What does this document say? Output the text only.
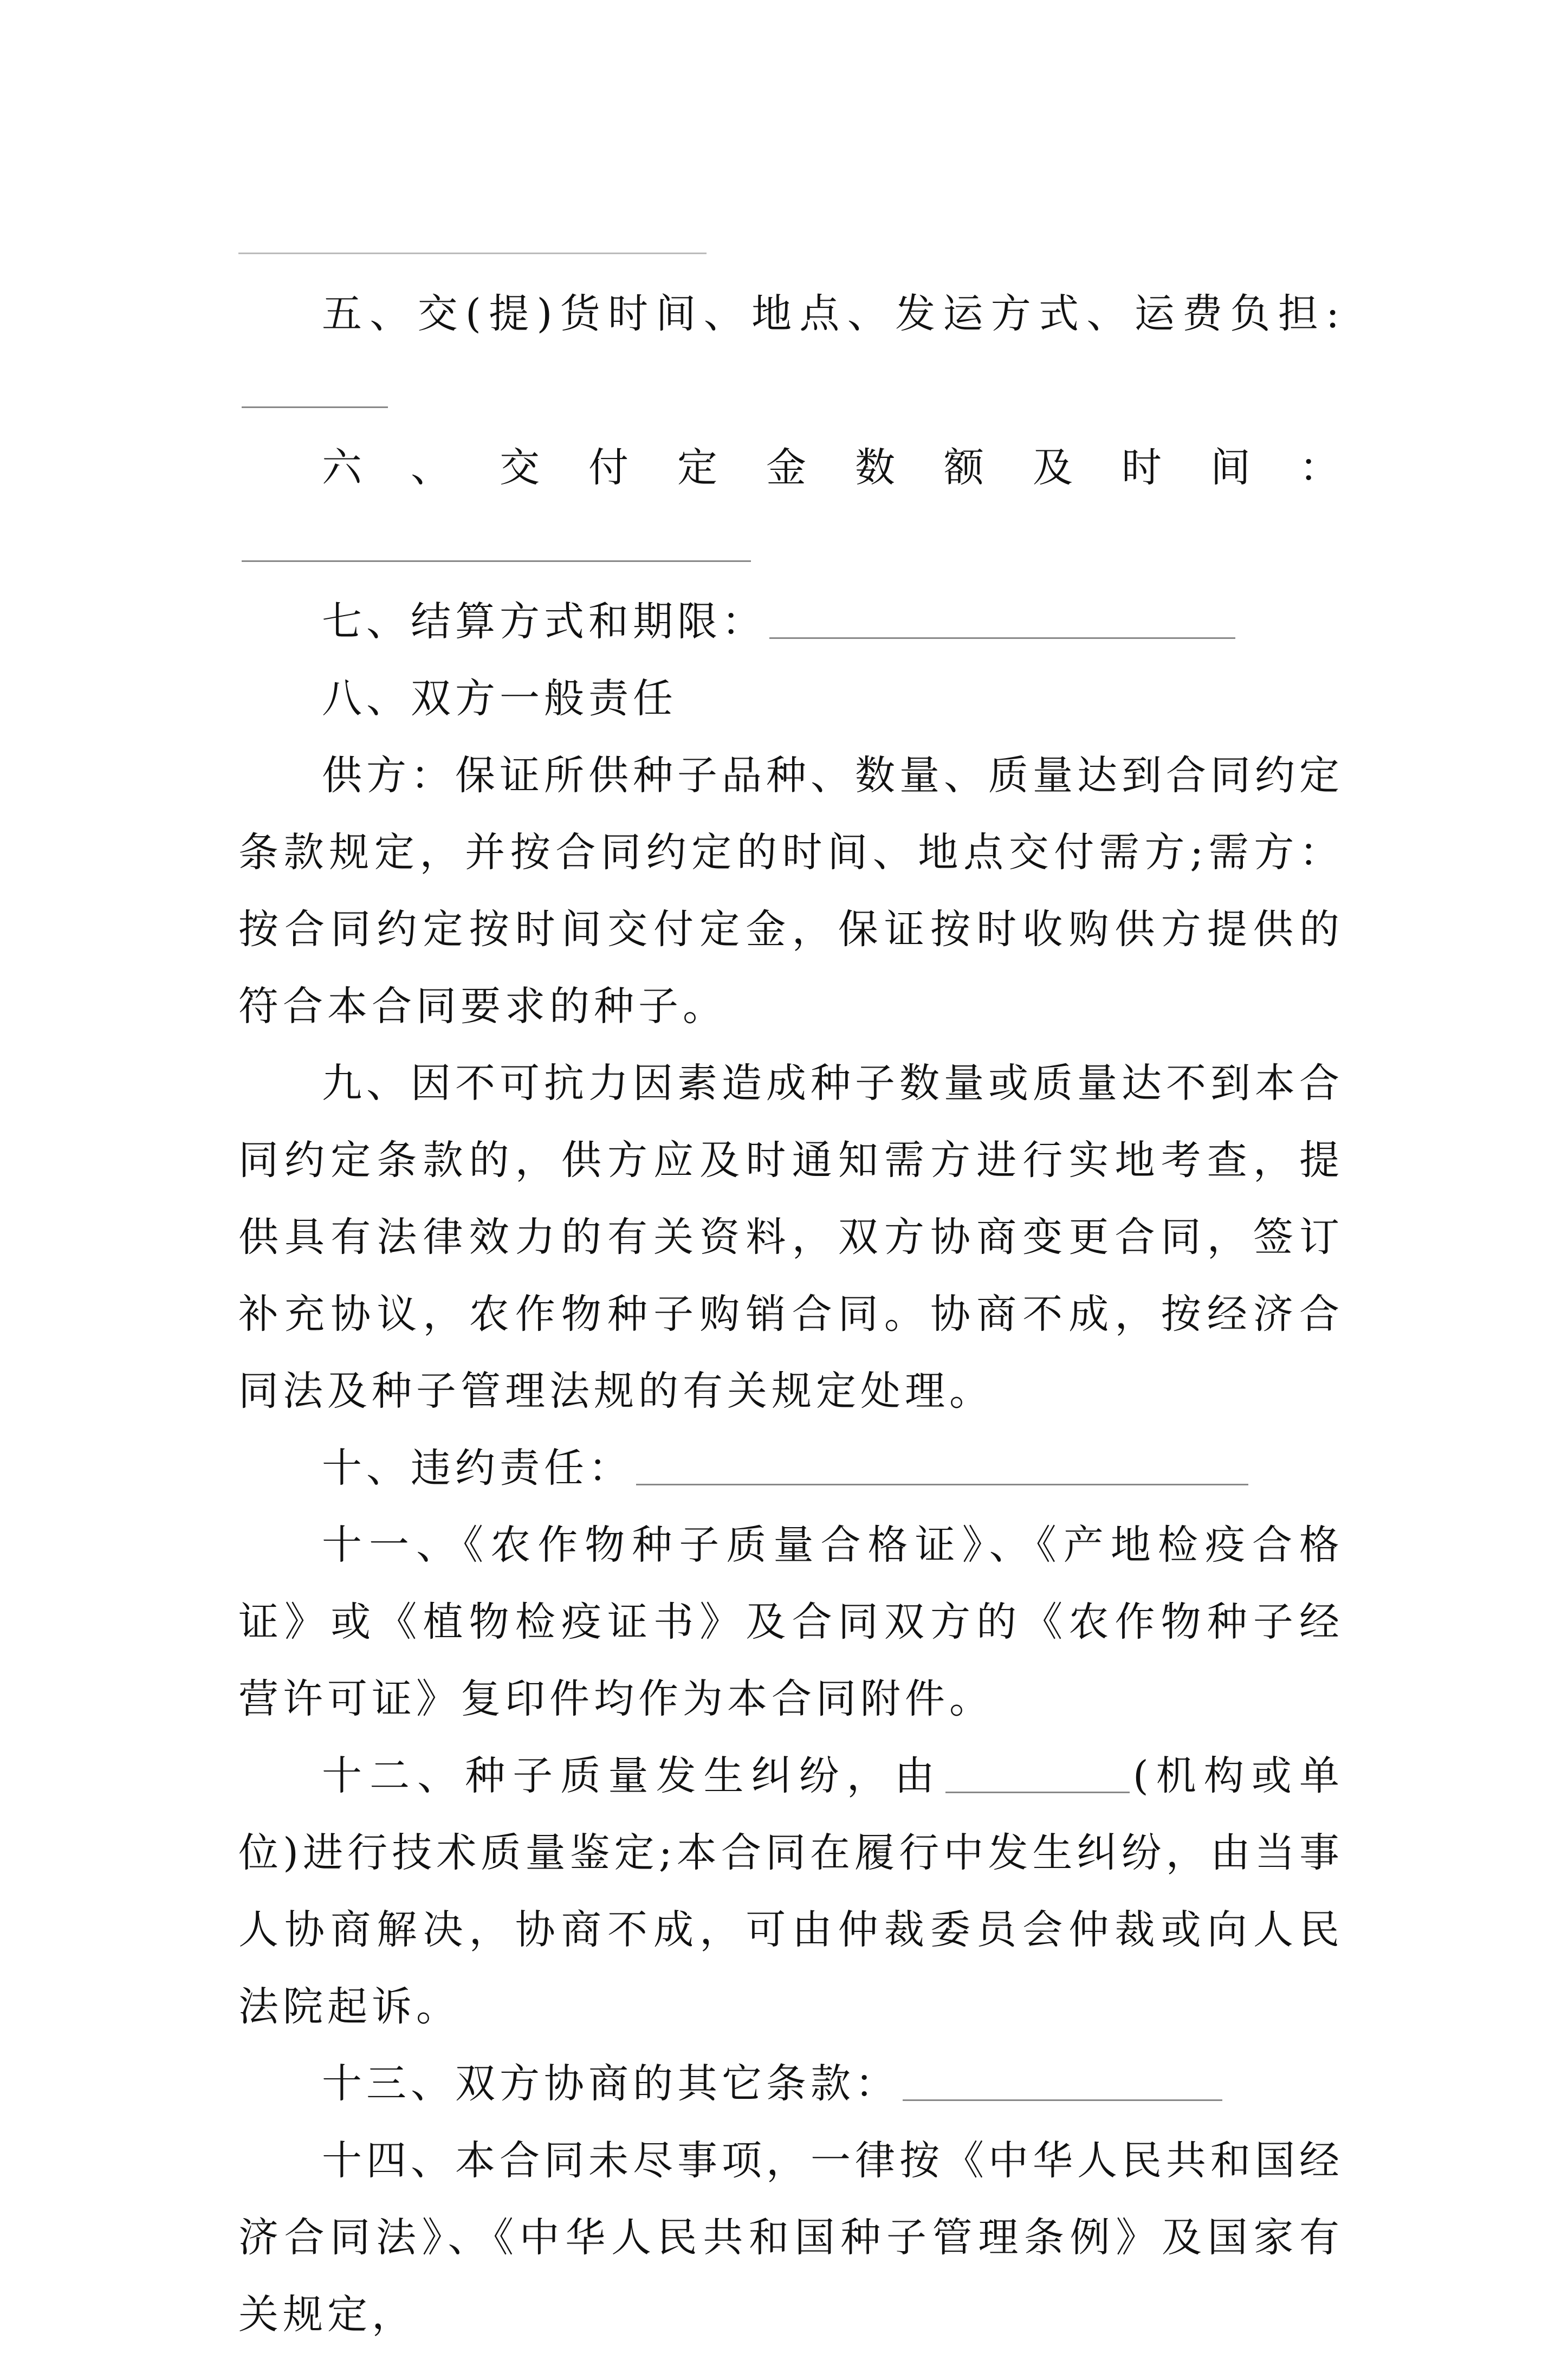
五、交(提)货时间、地点、发运方式、运费负担:

六、交付定金数额及时间：

七、结算方式和期限：

八、双方一般责任

供方：保证所供种子品种、数量、质量达到合同约定条款规定，并按合同约定的时间、地点交付需方;需方：按合同约定按时间交付定金，保证按时收购供方提供的符合本合同要求的种子。

九、因不可抗力因素造成种子数量或质量达不到本合同约定条款的，供方应及时通知需方进行实地考查，提供具有法律效力的有关资料，双方协商变更合同，签订补充协议，农作物种子购销合同。协商不成，按经济合同法及种子管理法规的有关规定处理。

十、违约责任：

十一、《农作物种子质量合格证》、《产地检疫合格证》或《植物检疫证书》及合同双方的《农作物种子经营许可证》复印件均作为本合同附件。

十二、种子质量发生纠纷，由	(机构或单位)进行技术质量鉴定;本合同在履行中发生纠纷，由当事人协商解决，协商不成，可由仲裁委员会仲裁或向人民法院起诉。

十三、双方协商的其它条款：

十四、本合同未尽事项，一律按《中华人民共和国经济合同法》、《中华人民共和国种子管理条例》及国家有关规定，
